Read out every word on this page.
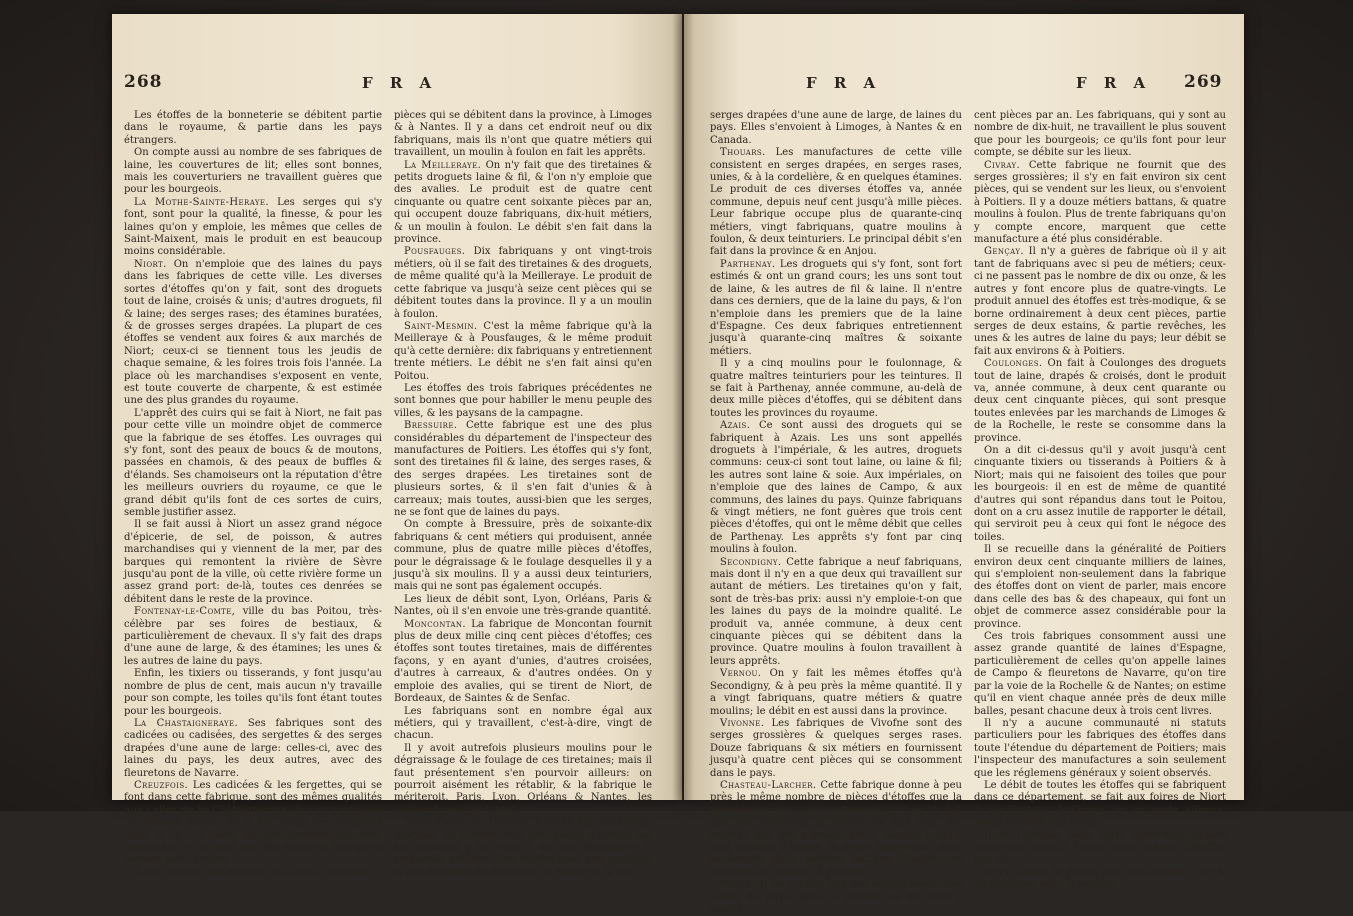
268	F R A

Les étoffes de la bonneterie se débitent partie dans le royaume, & partie dans les pays étrangers.

On compte aussi au nombre de ses fabriques de laine, les couvertures de lit; elles sont bonnes, mais les couverturiers ne travaillent guères que pour les bourgeois.

La Mothe-Sainte-Heraye. Les serges qui s'y font, sont pour la qualité, la finesse, & pour les laines qu'on y emploie, les mêmes que celles de Saint-Maixent, mais le produit en est beaucoup moins considérable.

Niort. On n'emploie que des laines du pays dans les fabriques de cette ville. Les diverses sortes d'étoffes qu'on y fait, sont des droguets tout de laine, croisés & unis; d'autres droguets, fil & laine; des serges rases; des étamines buratées, & de grosses serges drapées. La plupart de ces étoffes se vendent aux foires & aux marchés de Niort; ceux-ci se tiennent tous les jeudis de chaque semaine, & les foires trois fois l'année. La place où les marchandises s'exposent en vente, est toute couverte de charpente, & est estimée une des plus grandes du royaume.

L'apprêt des cuirs qui se fait à Niort, ne fait pas pour cette ville un moindre objet de commerce que la fabrique de ses étoffes. Les ouvrages qui s'y font, sont des peaux de boucs & de moutons, passées en chamois, & des peaux de buffles & d'élands. Ses chamoiseurs ont la réputation d'être les meilleurs ouvriers du royaume, ce que le grand débit qu'ils font de ces sortes de cuirs, semble justifier assez.

Il se fait aussi à Niort un assez grand négoce d'épicerie, de sel, de poisson, & autres marchandises qui y viennent de la mer, par des barques qui remontent la rivière de Sèvre jusqu'au pont de la ville, où cette rivière forme un assez grand port: de-là, toutes ces denrées se débitent dans le reste de la province.

Fontenay-le-Comte, ville du bas Poitou, très-célèbre par ses foires de bestiaux, & particulièrement de chevaux. Il s'y fait des draps d'une aune de large, & des étamines; les unes & les autres de laine du pays.

Enfin, les tixiers ou tisserands, y font jusqu'au nombre de plus de cent, mais aucun n'y travaille pour son compte, les toiles qu'ils font étant toutes pour les bourgeois.

La Chastaigneraye. Ses fabriques sont des cadicées ou cadisées, des sergettes & des serges drapées d'une aune de large: celles-ci, avec des laines du pays, les deux autres, avec des fleuretons de Navarre.

Creuzfois. Les cadicées & les fergettes, qui se font dans cette fabrique, sont des mêmes qualités que celles de la Châtaigneraye, & l'on y emploie les mêmes laines: on y fait aussi des droguets laine & fil. La laine de ces derniers est très-commune; n'y entrant que des laines de bas qu'on nomme aussi avalies.

Il s'en fait en tout environ deux cent cinquante

pièces qui se débitent dans la province, à Limoges & à Nantes. Il y a dans cet endroit neuf ou dix fabriquans, mais ils n'ont que quatre métiers qui travaillent, un moulin à foulon en fait les apprêts.

La Meilleraye. On n'y fait que des tiretaines & petits droguets laine & fil, & l'on n'y emploie que des avalies. Le produit est de quatre cent cinquante ou quatre cent soixante pièces par an, qui occupent douze fabriquans, dix-huit métiers, & un moulin à foulon. Le débit s'en fait dans la province.

Pousfauges. Dix fabriquans y ont vingt-trois métiers, où il se fait des tiretaines & des droguets, de même qualité qu'à la Meilleraye. Le produit de cette fabrique va jusqu'à seize cent pièces qui se débitent toutes dans la province. Il y a un moulin à foulon.

Saint-Mesmin. C'est la même fabrique qu'à la Meilleraye & à Pousfauges, & le même produit qu'à cette dernière: dix fabriquans y entretiennent trente métiers. Le débit ne s'en fait ainsi qu'en Poitou.

Les étoffes des trois fabriques précédentes ne sont bonnes que pour habiller le menu peuple des villes, & les paysans de la campagne.

Bressuire. Cette fabrique est une des plus considérables du département de l'inspecteur des manufactures de Poitiers. Les étoffes qui s'y font, sont des tiretaines fil & laine, des serges rases, & des serges drapées. Les tiretaines sont de plusieurs sortes, & il s'en fait d'unies & à carreaux; mais toutes, aussi-bien que les serges, ne se font que de laines du pays.

On compte à Bressuire, près de soixante-dix fabriquans & cent métiers qui produisent, année commune, plus de quatre mille pièces d'étoffes, pour le dégraissage & le foulage desquelles il y a jusqu'à six moulins. Il y a aussi deux teinturiers, mais qui ne sont pas également occupés.

Les lieux de débit sont, Lyon, Orléans, Paris & Nantes, où il s'en envoie une très-grande quantité.

Moncontan. La fabrique de Moncontan fournit plus de deux mille cinq cent pièces d'étoffes; ces étoffes sont toutes tiretaines, mais de différentes façons, y en ayant d'unies, d'autres croisées, d'autres à carreaux, & d'autres ondées. On y emploie des avalies, qui se tirent de Niort, de Bordeaux, de Saintes & de Senfac.

Les fabriquans sont en nombre égal aux métiers, qui y travaillent, c'est-à-dire, vingt de chacun.

Il y avoit autrefois plusieurs moulins pour le dégraissage & le foulage de ces tiretaines; mais il faut présentement s'en pourvoir ailleurs: on pourroit aisément les rétablir, & la fabrique le mériteroit. Paris, Lyon, Orléans & Nantes, les enlèvent presque toutes.

Saint-Pierre du Chemin. Il ne se fait dans cette fabrique, qu'environ trois cent pièces d'étoffes par an, quoiqu'il y ait jusqu'à dix-huit fabriquans & cinquante métiers. Ces étoffes sont des cadicées & des droguets de fleureton de Navarre, & des

F R A	F R A 269

serges drapées d'une aune de large, de laines du pays. Elles s'envoient à Limoges, à Nantes & en Canada.

Thouars. Les manufactures de cette ville consistent en serges drapées, en serges rases, unies, & à la cordelière, & en quelques étamines. Le produit de ces diverses étoffes va, année commune, depuis neuf cent jusqu'à mille pièces. Leur fabrique occupe plus de quarante-cinq métiers, vingt fabriquans, quatre moulins à foulon, & deux teinturiers. Le principal débit s'en fait dans la province & en Anjou.

Parthenay. Les droguets qui s'y font, sont fort estimés & ont un grand cours; les uns sont tout de laine, & les autres de fil & laine. Il n'entre dans ces derniers, que de la laine du pays, & l'on n'emploie dans les premiers que de la laine d'Espagne. Ces deux fabriques entretiennent jusqu'à quarante-cinq maîtres & soixante métiers.

Il y a cinq moulins pour le foulonnage, & quatre maîtres teinturiers pour les teintures. Il se fait à Parthenay, année commune, au-delà de deux mille pièces d'étoffes, qui se débitent dans toutes les provinces du royaume.

Azais. Ce sont aussi des droguets qui se fabriquent à Azais. Les uns sont appellés droguets à l'impériale, & les autres, droguets communs: ceux-ci sont tout laine, ou laine & fil; les autres sont laine & soie. Aux impériales, on n'emploie que des laines de Campo, & aux communs, des laines du pays. Quinze fabriquans & vingt métiers, ne font guères que trois cent pièces d'étoffes, qui ont le même débit que celles de Parthenay. Les apprêts s'y font par cinq moulins à foulon.

Secondigny. Cette fabrique a neuf fabriquans, mais dont il n'y en a que deux qui travaillent sur autant de métiers. Les tiretaines qu'on y fait, sont de très-bas prix: aussi n'y emploie-t-on que les laines du pays de la moindre qualité. Le produit va, année commune, à deux cent cinquante pièces qui se débitent dans la province. Quatre moulins à foulon travaillent à leurs apprêts.

Vernou. On y fait les mêmes étoffes qu'à Secondigny, & à peu près la même quantité. Il y a vingt fabriquans, quatre métiers & quatre moulins; le débit en est aussi dans la province.

Vivonne. Les fabriques de Vivofne sont des serges grossières & quelques serges rases. Douze fabriquans & six métiers en fournissent jusqu'à quatre cent pièces qui se consomment dans le pays.

Chasteau-Larcher. Cette fabrique donne à peu près le même nombre de pièces d'étoffes que la précédente, avec cette différence qu'il ne s'y fait que des revêches, & encore de bas prix, n'y entrant que des pignons. On y compte jusqu'à sept moulins à foulon, & douze fabriquans, mais seulement deux métiers battans. Toutes ces revêches se vendent à Poitiers.

Mesle. Il ne s'y fait que des serges rases, des laines du pays, dont le produit va de trois à quatre

cent pièces par an. Les fabriquans, qui y sont au nombre de dix-huit, ne travaillent le plus souvent que pour les bourgeois; ce qu'ils font pour leur compte, se débite sur les lieux.

Civray. Cette fabrique ne fournit que des serges grossières; il s'y en fait environ six cent pièces, qui se vendent sur les lieux, ou s'envoient à Poitiers. Il y a douze métiers battans, & quatre moulins à foulon. Plus de trente fabriquans qu'on y compte encore, marquent que cette manufacture a été plus considérable.

Gençay. Il n'y a guères de fabrique où il y ait tant de fabriquans avec si peu de métiers; ceux-ci ne passent pas le nombre de dix ou onze, & les autres y font encore plus de quatre-vingts. Le produit annuel des étoffes est très-modique, & se borne ordinairement à deux cent pièces, partie serges de deux estains, & partie revêches, les unes & les autres de laine du pays; leur débit se fait aux environs & à Poitiers.

Coulonges. On fait à Coulonges des droguets tout de laine, drapés & croisés, dont le produit va, année commune, à deux cent quarante ou deux cent cinquante pièces, qui sont presque toutes enlevées par les marchands de Limoges & de la Rochelle, le reste se consomme dans la province.

On a dit ci-dessus qu'il y avoit jusqu'à cent cinquante tixiers ou tisserands à Poitiers & à Niort; mais qui ne faisoient des toiles que pour les bourgeois: il en est de même de quantité d'autres qui sont répandus dans tout le Poitou, dont on a cru assez inutile de rapporter le détail, qui serviroit peu à ceux qui font le négoce des toiles.

Il se recueille dans la généralité de Poitiers environ deux cent cinquante milliers de laines, qui s'emploient non-seulement dans la fabrique des étoffes dont on vient de parler, mais encore dans celle des bas & des chapeaux, qui font un objet de commerce assez considérable pour la province.

Ces trois fabriques consomment aussi une assez grande quantité de laines d'Espagne, particulièrement de celles qu'on appelle laines de Campo & fleuretons de Navarre, qu'on tire par la voie de la Rochelle & de Nantes; on estime qu'il en vient chaque année près de deux mille balles, pesant chacune deux à trois cent livres.

Il n'y a aucune communauté ni statuts particuliers pour les fabriques des étoffes dans toute l'étendue du département de Poitiers; mais l'inspecteur des manufactures a soin seulement que les réglemens généraux y soient observés.

Le débit de toutes les étoffes qui se fabriquent dans ce département, se fait aux foires de Niort & de Fontenay-le-Comte; on en parle ailleurs. Voyez l'article des foires.

Il se fabrique dans cette généralité depuis vingt-cinq jusqu'à trente mille pièces d'étoffes par an.

Il n'y a dans le Poitou que trois forges à fer & un fourneau pour le raffiner.
